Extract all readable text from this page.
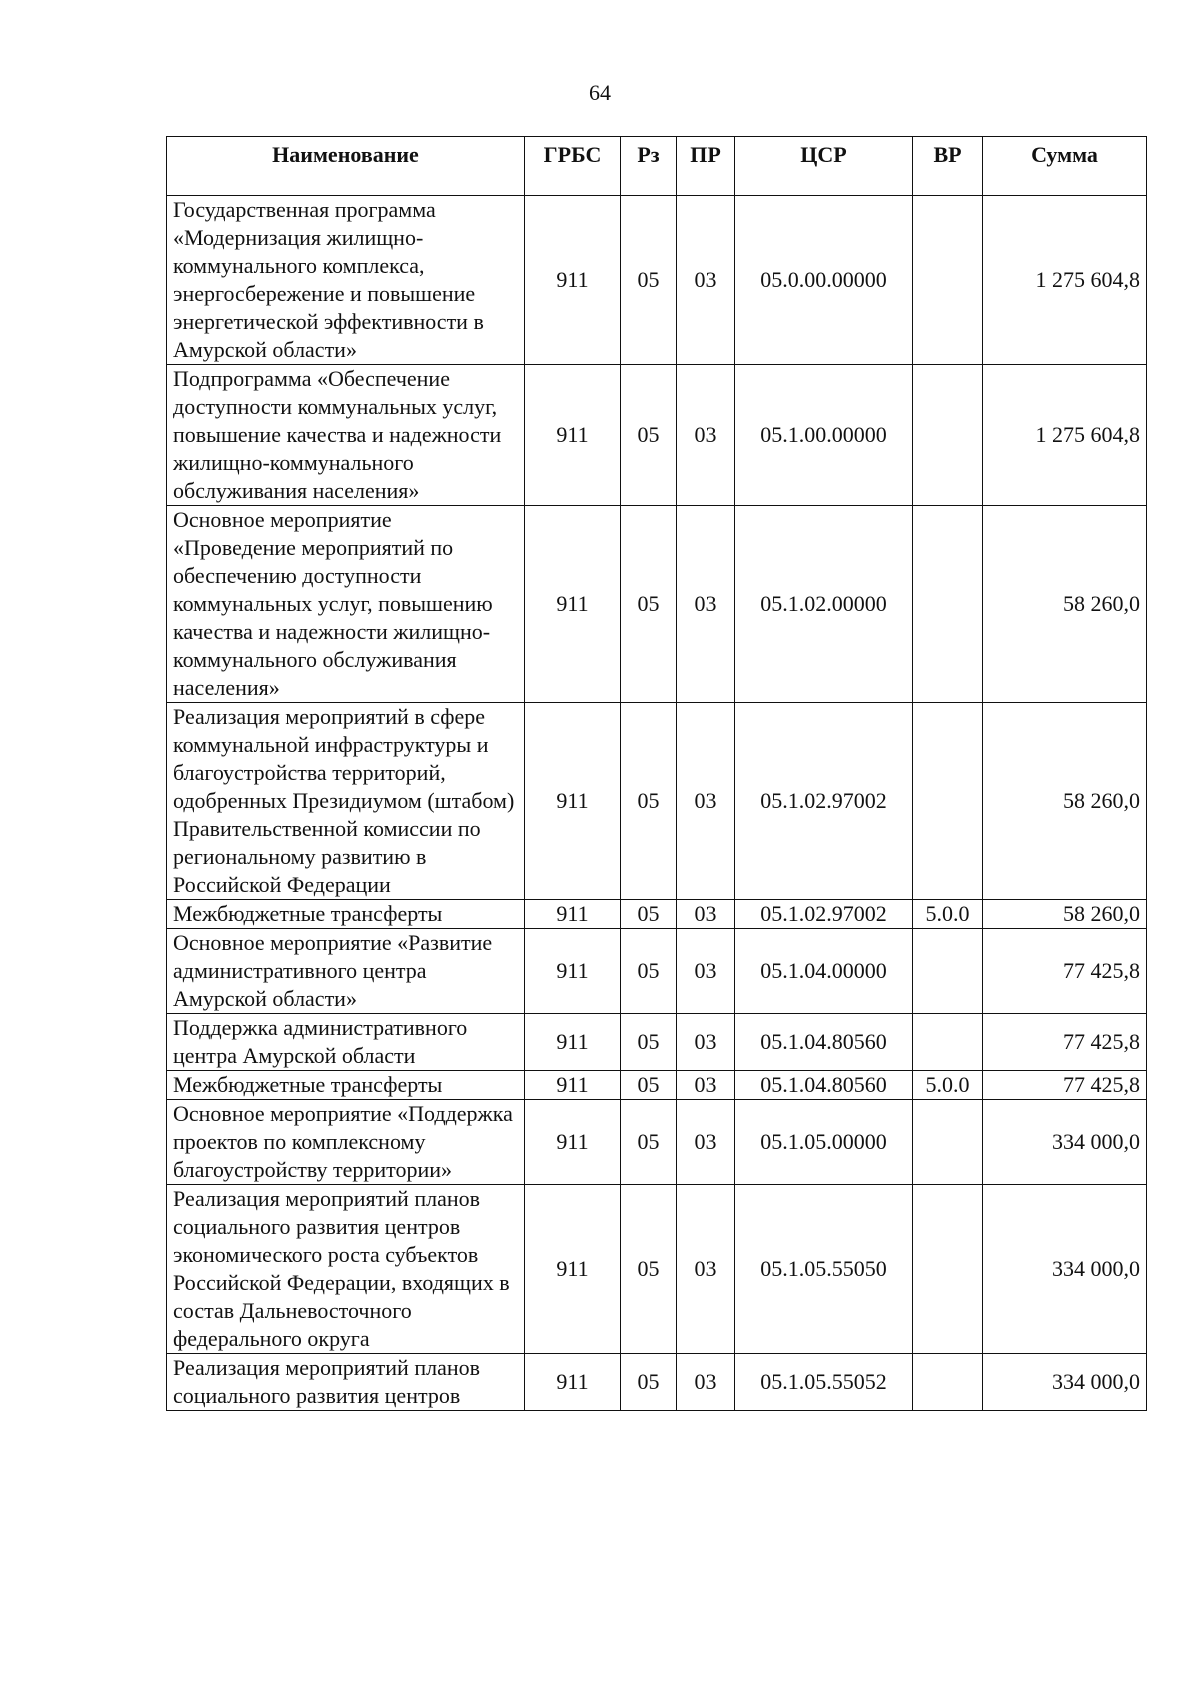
64
Наименование	ГРБС	Рз	ПР	ЦСР	ВР	Сумма
Государственная программа «Модернизация жилищно-коммунального комплекса, энергосбережение и повышение энергетической эффективности в Амурской области»	911	05	03	05.0.00.00000		1 275 604,8
Подпрограмма «Обеспечение доступности коммунальных услуг, повышение качества и надежности жилищно-коммунального обслуживания населения»	911	05	03	05.1.00.00000		1 275 604,8
Основное мероприятие «Проведение мероприятий по обеспечению доступности коммунальных услуг, повышению качества и надежности жилищно-коммунального обслуживания населения»	911	05	03	05.1.02.00000		58 260,0
Реализация мероприятий в сфере коммунальной инфраструктуры и благоустройства территорий, одобренных Президиумом (штабом) Правительственной комиссии по региональному развитию в Российской Федерации	911	05	03	05.1.02.97002		58 260,0
Межбюджетные трансферты	911	05	03	05.1.02.97002	5.0.0	58 260,0
Основное мероприятие «Развитие административного центра Амурской области»	911	05	03	05.1.04.00000		77 425,8
Поддержка административного центра Амурской области	911	05	03	05.1.04.80560		77 425,8
Межбюджетные трансферты	911	05	03	05.1.04.80560	5.0.0	77 425,8
Основное мероприятие «Поддержка проектов по комплексному благоустройству территории»	911	05	03	05.1.05.00000		334 000,0
Реализация мероприятий планов социального развития центров экономического роста субъектов Российской Федерации, входящих в состав Дальневосточного федерального округа	911	05	03	05.1.05.55050		334 000,0
Реализация мероприятий планов социального развития центров	911	05	03	05.1.05.55052		334 000,0
